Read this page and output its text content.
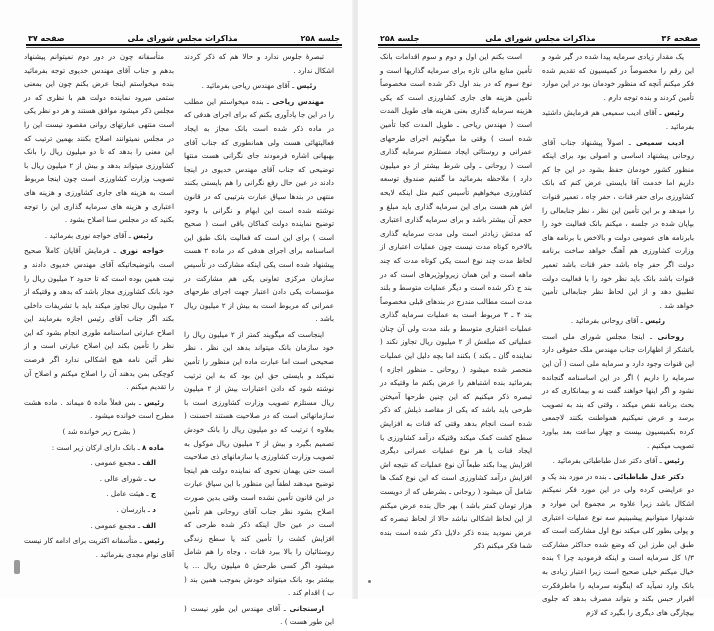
جلسه ۲۵۸
مذاکرات مجلس شورای ملی
صفحه ۳۷

تبصرهٔ جلوس ندارد و حالا هم که ذکر کردند اشکال ندارد .

رئیس ـ آقای مهندس ریاحی بفرمائید .

مهندس ریاحی ـ بنده میخواستم این مطلب را در این جا یادآوری بکنم که برای اجرای هدفی که در ماده ذکر شده است بانک مجاز به ایجاد فعالیتهائی هست ولی همانطوری که جناب آقای بهبهانی اشاره فرمودند جای نگرانی هست منتها توضیحی که جناب آقای مهندس خدیوی در اینجا دادند در عین حال رفع نگرانی را هم بایستی بکنند منتهی در بندها سیاق عبارت بترتیبی که در قانون نوشته شده است این ابهام و نگرانی با وجود توضیح نماینده دولت کماکان باقی است ( صحیح است ) برای این است که فعالیت بانک طبق این اساسنامه برای اجرای هدفی که در ماده ۲ هست پیشنهاد شده است یکی اینکه مشارکت در تأسیس سازمان مرکزی تعاونی یکی هم مشارکت در مؤسسات یکی دادن اعتبار جهت اجرای طرحهای عمرانی که مربوط است به بیش از ۲ میلیون ریال باشد .

اینجاست که میگویند کمتر از ۲ میلیون ریال را خود سازمان بانک میتواند بدهد این نظر ، نظر صحیحی است اما عبارت ماده این منظور را تأمین نمیکند و بایستی حق این بود که به این ترتیب نوشته شود که دادن اعتبارات بیش از ۲ میلیون ریال مستلزم تصویب وزارت کشاورزی است با سازمانهائی است که در صلاحیت هستند احسنت ( بعلاوه ) ترتیب که دو میلیون ریال را بانک خودش تصمیم بگیرد و بیش از ۲ میلیون ریال موکول به تصویب وزارت کشاورزی یا سازمانهای ذی صلاحیت است حتی بهمان نحوی که نماینده دولت هم اینجا توضیح میدهند لطفاً این منظور با این سیاق عبارت در این قانون تأمین نشده است وقتی بدین صورت اصلاح بشود نظر جناب آقای روحانی هم تأمین است در عین حال اینکه ذکر شده طرحی که افزایش کشت را تأمین کند یا سطح زندگی روستائیان را بالا ببرد قنات ، وجاه را هم شامل میشود اگر کسی طرحش ۵ میلیون ریال ... یا بیشتر بود بانک میتواند خودش بموجب همین بند ( ب ) اقدام کند .

ارسنجانی ـ آقای مهندس این طور نیست ( این طور هست ) .

متأسفانه چون در دور دوم نمیتوانم پیشنهاد بدهم و جناب آقای مهندس خدیوی توجه بفرمائید بنده میخواستم اینجا عرض بکنم چون این بمعنی ستمی میرود نماینده دولت هم با نظری که در مجلس ذکر میشود موافق هستند و هر دو نظر یکی است منتهی عبارتهای روانی مقصود نیست این را در مجلس نمیتوانند اصلاح بکنند بهمین ترتیب که این معنی را بدهد که تا دو میلیون ریال را بانک کشاورزی میتواند بدهد و بیش از ۲ میلیون ریال با تصویب وزارت کشاورزی است چون اینجا مربوط است به هزینه های جاری کشاورزی و هزینه های اعتباری و هزینه های سرمایه گذاری این را توجه بکنید که در مجلس سنا اصلاح بشود .

رئیس ـ آقای خواجه نوری بفرمائید .

خواجه نوری ـ فرمایش آقایان کاملاً صحیح است باتوضیحاتیکه آقای مهندس خدیوی دادند و نیت همین بوده است که تا حدود ۲ میلیون ریال را خود بانک کشاورزی مجاز باشد که بدهد و وقتیکه از ۲ میلیون ریال تجاوز میکند باید با تشریفات داخلی بکند اگر جناب آقای رئیس اجازه بفرمایند این اصلاح عبارتی اساسنامه طوری انجام بشود که این نظر را تأمین بکند این اصلاح عبارتی است و از نظر آئین نامه هیچ اشکالی ندارد اگر فرصت کوچکی بمن بدهند آن را اصلاح میکنم و اصلاح آن را تقدیم میکنم .

رئیس ـ بس فعلاً ماده ۵ میماند . ماده هشت مطرح است خوانده میشود .

( بشرح زیر خوانده شد )

ماده ۸ ـ بانک دارای ارکان زیر است :

الف ـ مجمع عمومی .

ب ـ شورای عالی .

ج ـ هیئت عامل .

د ـ بازرسان .

الف ـ مجمع عمومی .

رئیس ـ متأسفانه اکثریت برای ادامه کار نیست آقای نوام مجدی بفرمائید .

صفحه ۳۶
مذاکرات مجلس شورای ملی
جلسه ۲۵۸

یک مقدار زیادی سرمایه پیدا شده در گیر شود و این رقم را مخصوصاً در کمیسیون که تقدیم شده فکر میکنم آنچه که منظور خودمان بود در این موارد تأمین کردند و بنده توجه دارم .

رئیس ـ آقای ادیب سمیعی هم فرمایش داشتید بفرمائید .

ادیب سمیعی ـ اصولاً پیشنهاد جناب آقای روحانی پیشنهاد اساسی و اصولی بود برای اینکه منظور کشور خودمان حفظ بشود در این جا کم داریم اما خدمت آقا بایستی عرض کنم که بانک کشاورزی برای حفر قنات ، حفر چاه ، تعمیر قنوات را میدهد و بر این تأمین این نظر ، نظر جنابعالی را بپایان شده در جلسه ، میکنم بانک فعالیت خود را بابرنامه های عمومی دولت و بالاخص با برنامه های وزارت کشاورزی هم آهنگ خواهد ساخت برنامه دولت اگر حفر چاه باشد حفر قنات باشد تعمیر قنوات باشد بانک باید نظر خود را با فعالیت دولت تطبیق دهد و از این لحاظ نظر جنابعالی تأمین خواهد شد .

رئیس ـ آقای روحانی بفرمائید .

روحانی ـ اینجا مجلس شورای ملی است باتشکر از اظهارات جناب مهندس ملک حقوقی دارد این قنوات وجود دارد و سرمایه ملی است ( آن این سرمایه را داریم ) اگر در این اساسنامه گنجانده نشود و اگر اینها خواهند گفت نه و بیمانکاری که در بحث برنامه نقص میکند ، وقتی که بند به تصویب برسد و عرض نمیکنیم همواطنت بکنند لاجمعی کرده بکمیسیون بیست و چهار ساعت بعد بیاورد تصویب میکنیم .

رئیس ـ آقای دکتر عدل طباطبائی بفرمائید .

دکتر عدل طباطبائی ـ بنده در مورد بند یک و دو عرایضی کرده ولی در این مورد فکر نمیکنم اشکال باشد زیرا علاوه بر مجموع این موارد و شدنهارا میتوانیم پیشبینیم سه نوع عملیات اعتباری و پولی بطور کلی میکند نوع اول مشارکت است که طبق این طرز این که وضع شده حداکثر مشارکت ۱/۳ کل سرمایه است و اینکه فرمودید چرا ؟ بنده خیال میکنم خیلی صحیح است زیرا اعتبار زیادی به بانک وارد نمیآید که اینگونه سرمایه را ماطرفکرت اقبرار حبس بکند و بتواند مصرف بدهد که جلوی بیچارگی های دیگری را بگیرد که لازم

است بکنم این اول و دوم و سوم اقدامات بانک تأمین منابع مالی تازه برای سرمایه گذاریها است و نوع سوم که در بند اول ذکر شده است مخصوصاً تأمین هزینه های جاری کشاورزی است که یکی هزینه سرمایه گذاری بعنی هزینه های طویل المدت است ( مهندس ریاحی ـ طویل المدت کجا تأمین شده است ) وقتی ما میگوئیم اجرای طرحهای عمرانی و روستائی ایجاد مستلزم سرمایه گذاری است ( روحانی ـ ولی شرط بیشتر از دو میلیون دارد ) ملاحظه بفرمائید ما گفتیم صندوق توسعه کشاورزی میخواهیم تأسیس کنیم مثل اینکه لایحه اش هم هست برای این سرمایه گذاری باید مبلغ و حجم آن بیشتر باشد و برای سرمایه گذاری اعتباری که مدتش زیادتر است ولی مدت سرمایه گذاری بالاخره کوتاه مدت نیست چون عملیات اعتباری از لحاظ مدت چند نوع است یکی کوتاه مدت که چند ماهه است و این همان زیرولوژیرهای است که در بند ج ذکر شده است و دیگر عملیات متوسط و بلند مدت است مطالب مندرج در بندهای قبلی مخصوصاً بند ۴ ـ ۳ مربوط است به عملیات سرمایه گذاری عملیات اعتباری متوسط و بلند مدت ولی آن چنان عملیاتی که مبلغش از ۲ میلیون ریال تجاوز نکند ( نماینده گان ـ بکند ) بکنند اما بچه دلیل این عملیات منحصر شده میشود ( روحانی ـ منظور اجازه ) بفرمائید بنده اشتباهم را عرض بکنم ما وقتیکه در تبصره ذکر میکنیم که این چنین طرحها آمیختن طرحی باید باشد که یکی از مقاصد ذیلش که ذکر شده است انجام بدهد وقتی که قنات به افزایش سطح کشت کمک میکند وقتیکه درآمد کشاورزی با ایجاد قنات یا هر نوع عملیات عمرانی دیگری افزایش پیدا بکند طبعاً آن نوع عملیات که نتیجه اش افزایش درآمد کشاورزی است که این نوع کمک ها شامل آن میشود ( روحانی ـ بشرطی که از دویست هزار تومان کمتر باشد ) بهر حال بنده عرض میکنم از این لحاظ اشکالی نباشد حالا از لحاظ تبصره که عرض نمودید بنده ذکر دلایل ذکر شده است بنده شما فکر میکنم ذکر
